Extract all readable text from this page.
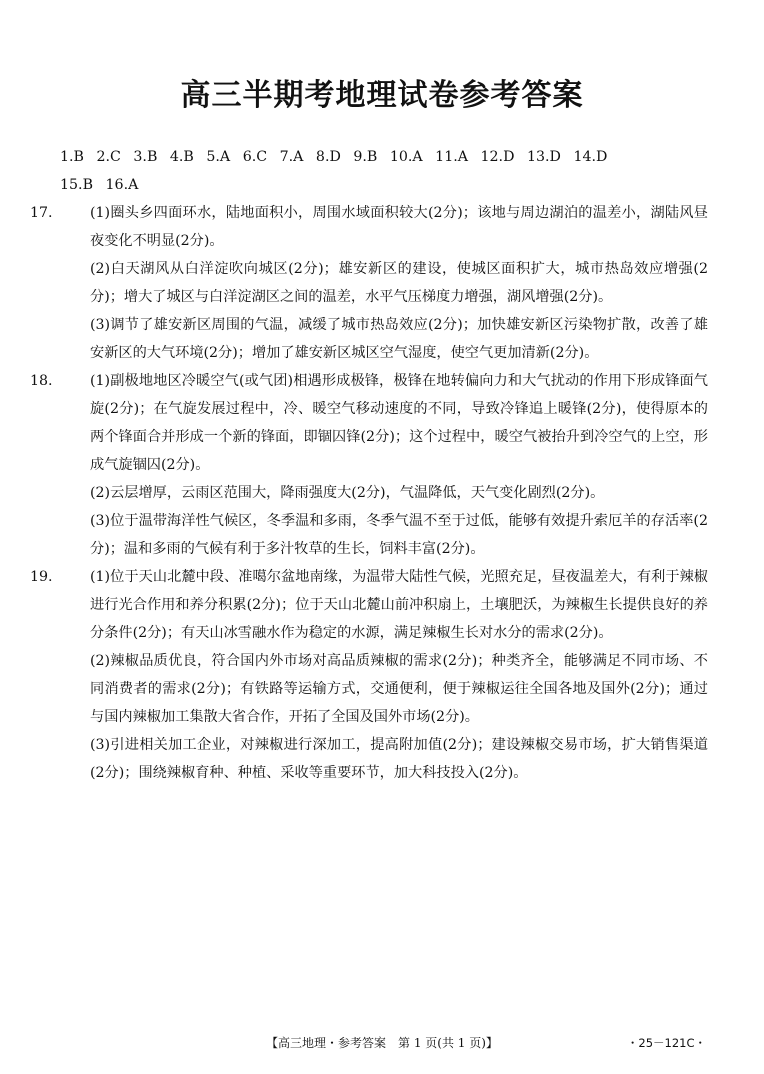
高三半期考地理试卷参考答案
1.B 2.C 3.B 4.B 5.A 6.C 7.A 8.D 9.B 10.A 11.A 12.D 13.D 14.D
15.B 16.A

17.	(1)圈头乡四面环水，陆地面积小，周围水域面积较大(2分)；该地与周边湖泊的温差小，湖陆风昼夜变化不明显(2分)。

(2)白天湖风从白洋淀吹向城区(2分)；雄安新区的建设，使城区面积扩大，城市热岛效应增强(2分)；增大了城区与白洋淀湖区之间的温差，水平气压梯度力增强，湖风增强(2分)。

(3)调节了雄安新区周围的气温，减缓了城市热岛效应(2分)；加快雄安新区污染物扩散，改善了雄安新区的大气环境(2分)；增加了雄安新区城区空气湿度，使空气更加清新(2分)。

18.	(1)副极地地区冷暖空气(或气团)相遇形成极锋，极锋在地转偏向力和大气扰动的作用下形成锋面气旋(2分)；在气旋发展过程中，冷、暖空气移动速度的不同，导致冷锋追上暖锋(2分)，使得原本的两个锋面合并形成一个新的锋面，即锢囚锋(2分)；这个过程中，暖空气被抬升到冷空气的上空，形成气旋锢囚(2分)。

(2)云层增厚，云雨区范围大，降雨强度大(2分)，气温降低，天气变化剧烈(2分)。

(3)位于温带海洋性气候区，冬季温和多雨，冬季气温不至于过低，能够有效提升索厄羊的存活率(2分)；温和多雨的气候有利于多汁牧草的生长，饲料丰富(2分)。

19.	(1)位于天山北麓中段、准噶尔盆地南缘，为温带大陆性气候，光照充足，昼夜温差大，有利于辣椒进行光合作用和养分积累(2分)；位于天山北麓山前冲积扇上，土壤肥沃，为辣椒生长提供良好的养分条件(2分)；有天山冰雪融水作为稳定的水源，满足辣椒生长对水分的需求(2分)。

(2)辣椒品质优良，符合国内外市场对高品质辣椒的需求(2分)；种类齐全，能够满足不同市场、不同消费者的需求(2分)；有铁路等运输方式，交通便利，便于辣椒运往全国各地及国外(2分)；通过与国内辣椒加工集散大省合作，开拓了全国及国外市场(2分)。

(3)引进相关加工企业，对辣椒进行深加工，提高附加值(2分)；建设辣椒交易市场，扩大销售渠道(2分)；围绕辣椒育种、种植、采收等重要环节，加大科技投入(2分)。

【高三地理・参考答案　第 1 页(共 1 页)】	・25－121C・
